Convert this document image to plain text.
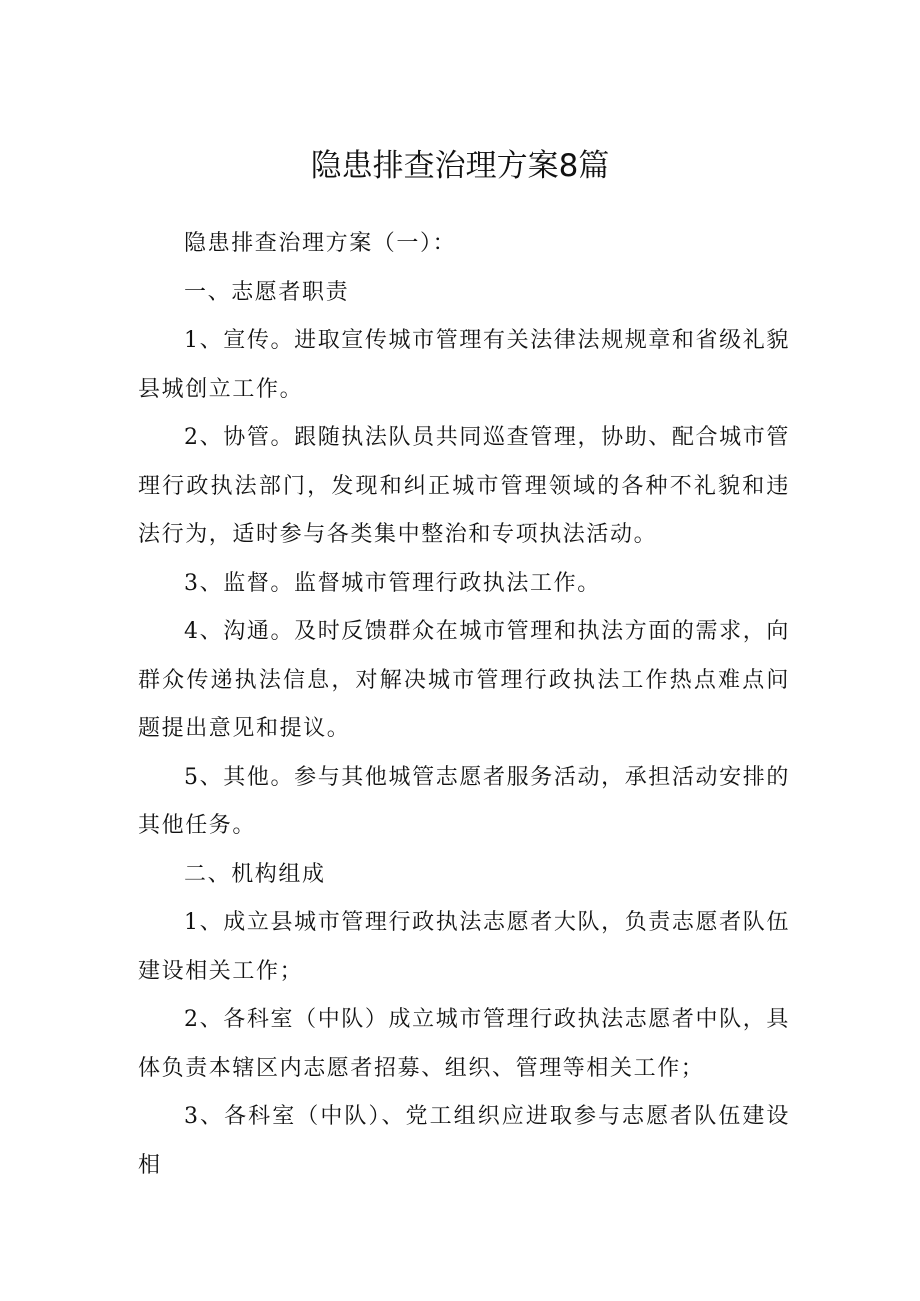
隐患排查治理方案8篇

隐患排查治理方案（一）：

一、志愿者职责

1、宣传。进取宣传城市管理有关法律法规规章和省级礼貌县城创立工作。

2、协管。跟随执法队员共同巡查管理，协助、配合城市管理行政执法部门，发现和纠正城市管理领域的各种不礼貌和违法行为，适时参与各类集中整治和专项执法活动。

3、监督。监督城市管理行政执法工作。

4、沟通。及时反馈群众在城市管理和执法方面的需求，向群众传递执法信息，对解决城市管理行政执法工作热点难点问题提出意见和提议。

5、其他。参与其他城管志愿者服务活动，承担活动安排的其他任务。

二、机构组成

1、成立县城市管理行政执法志愿者大队，负责志愿者队伍建设相关工作；

2、各科室（中队）成立城市管理行政执法志愿者中队，具体负责本辖区内志愿者招募、组织、管理等相关工作；

3、各科室（中队）、党工组织应进取参与志愿者队伍建设相
